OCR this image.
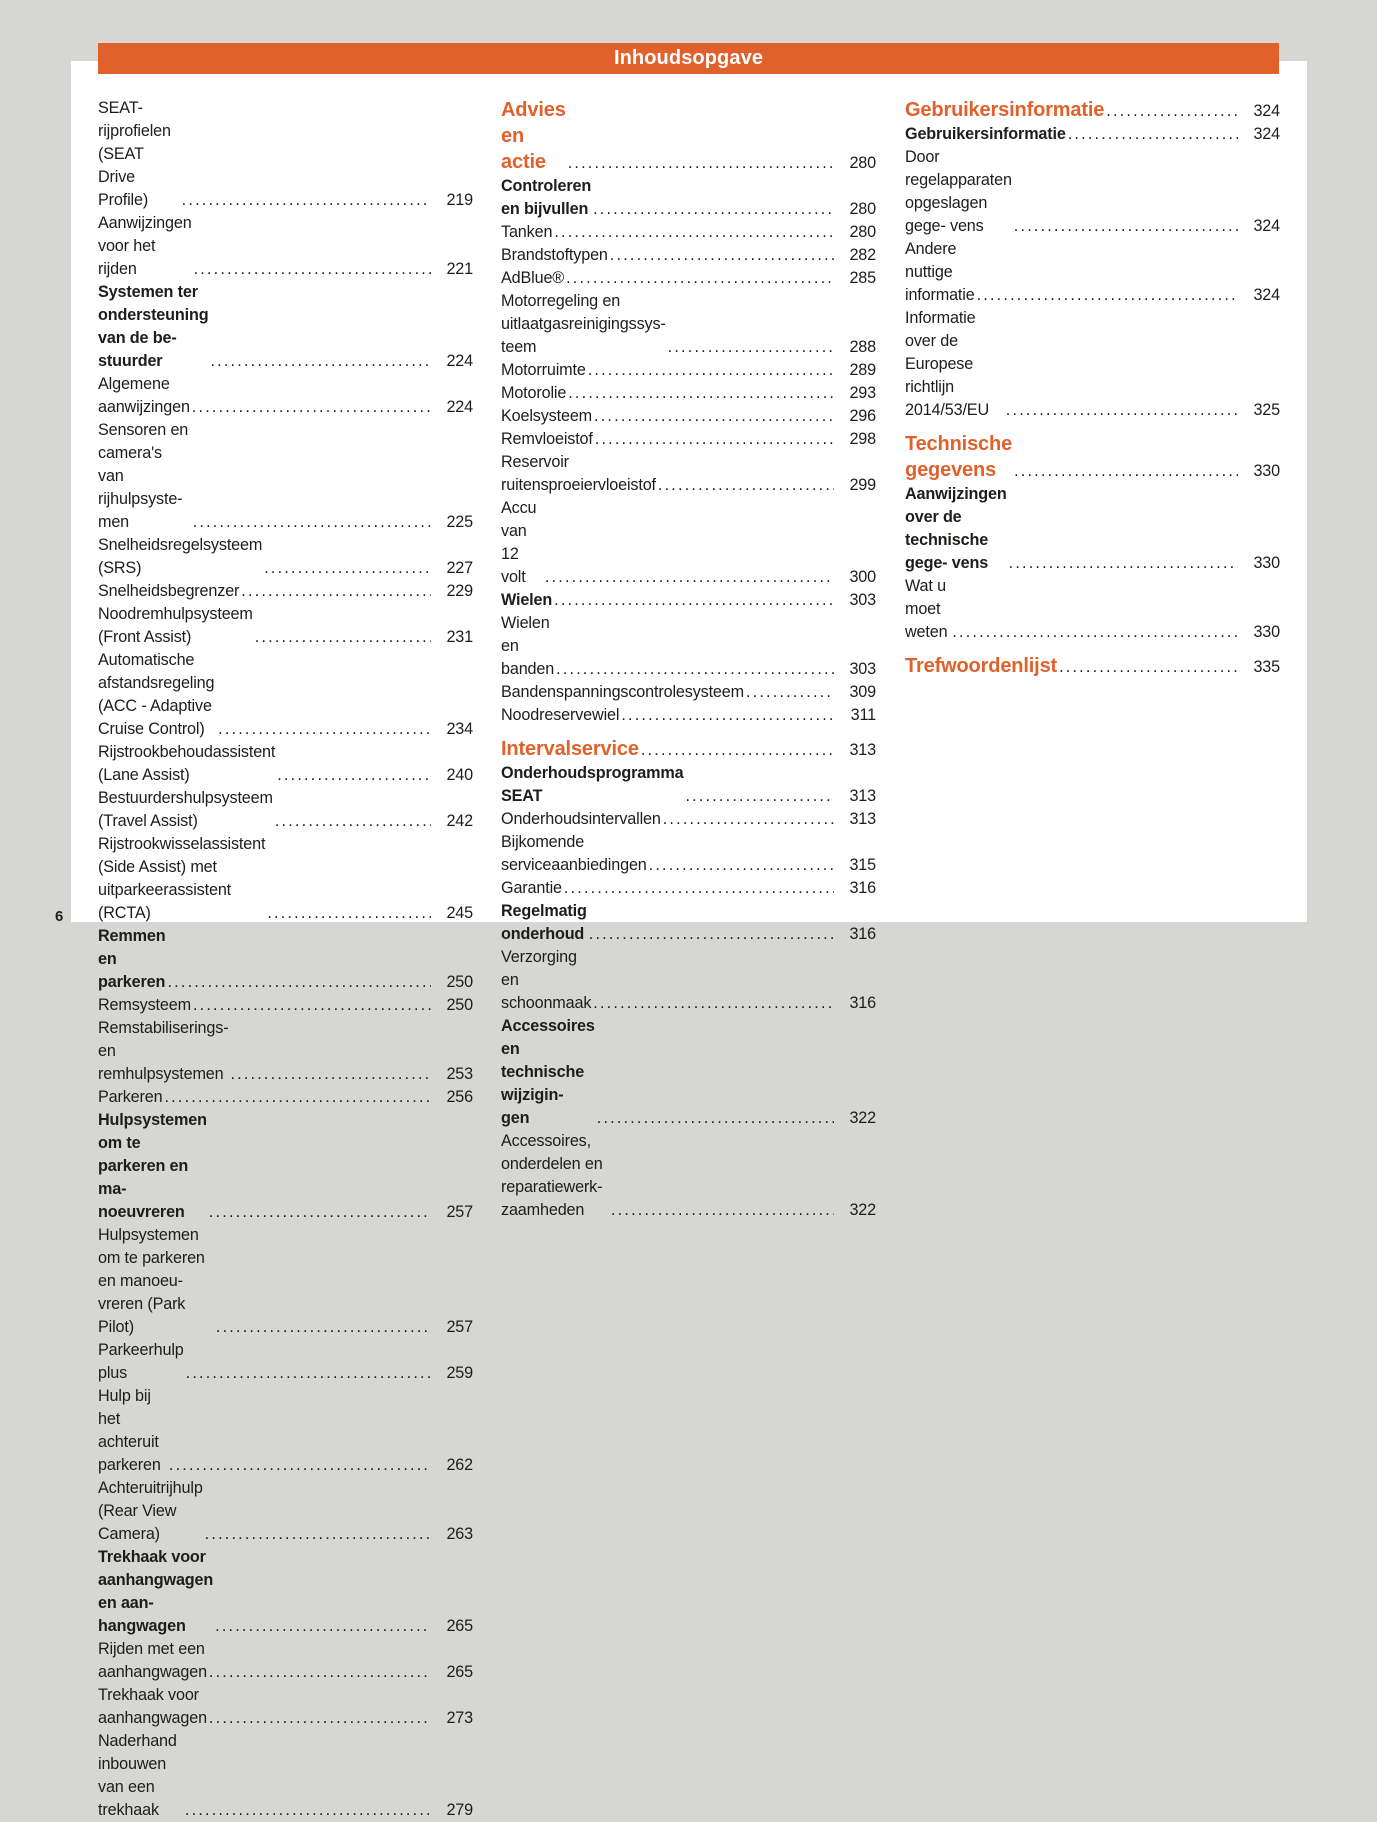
Inhoudsopgave
SEAT-rijprofielen (SEAT Drive Profile) .....	219
Aanwijzingen voor het rijden .....	221
Systemen ter ondersteuning van de be- stuurder .....	224
Algemene aanwijzingen .....	224
Sensoren en camera's van rijhulpsyste- men .....	225
Snelheidsregelsysteem (SRS) .....	227
Snelheidsbegrenzer .....	229
Noodremhulpsysteem (Front Assist) .....	231
Automatische afstandsregeling (ACC - Adaptive Cruise Control) .....	234
Rijstrookbehoudassistent (Lane Assist) .....	240
Bestuurdershulpsysteem (Travel Assist) .....	242
Rijstrookwisselassistent (Side Assist) met uitparkeerassistent (RCTA) .....	245
Remmen en parkeren .....	250
Remsysteem .....	250
Remstabiliserings- en remhulpsystemen .....	253
Parkeren .....	256
Hulpsystemen om te parkeren en ma- noeuvreren .....	257
Hulpsystemen om te parkeren en manoeu- vreren (Park Pilot) .....	257
Parkeerhulp plus .....	259
Hulp bij het achteruit parkeren .....	262
Achteruitrijhulp (Rear View Camera) .....	263
Trekhaak voor aanhangwagen en aan- hangwagen .....	265
Rijden met een aanhangwagen .....	265
Trekhaak voor aanhangwagen .....	273
Naderhand inbouwen van een trekhaak .....	279
Advies en actie .....	280
Controleren en bijvullen .....	280
Tanken .....	280
Brandstoftypen .....	282
AdBlue® .....	285
Motorregeling en uitlaatgasreinigingssys- teem .....	288
Motorruimte .....	289
Motorolie .....	293
Koelsysteem .....	296
Remvloeistof .....	298
Reservoir ruitensproeiervloeistof .....	299
Accu van 12 volt .....	300
Wielen .....	303
Wielen en banden .....	303
Bandenspanningscontrolesysteem .....	309
Noodreservewiel .....	311
Intervalservice .....	313
Onderhoudsprogramma SEAT .....	313
Onderhoudsintervallen .....	313
Bijkomende serviceaanbiedingen .....	315
Garantie .....	316
Regelmatig onderhoud .....	316
Verzorging en schoonmaak .....	316
Accessoires en technische wijzigin- gen .....	322
Accessoires, onderdelen en reparatiewerk- zaamheden .....	322
Gebruikersinformatie .....	324
Gebruikersinformatie .....	324
Door regelapparaten opgeslagen gege- vens .....	324
Andere nuttige informatie .....	324
Informatie over de Europese richtlijn 2014/53/EU .....	325
Technische gegevens .....	330
Aanwijzingen over de technische gege- vens .....	330
Wat u moet weten .....	330
Trefwoordenlijst .....	335
6
